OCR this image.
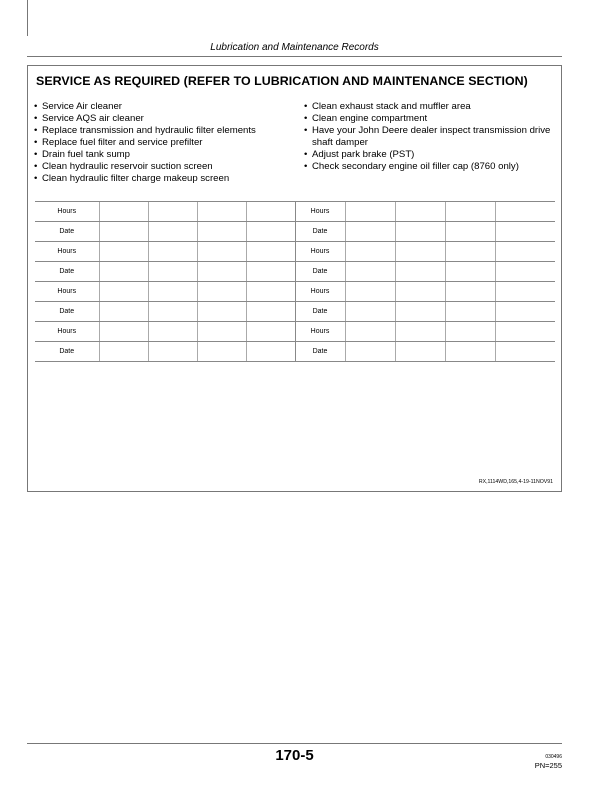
Lubrication and Maintenance Records
SERVICE AS REQUIRED (REFER TO LUBRICATION AND MAINTENANCE SECTION)
• Service Air cleaner
• Service AQS air cleaner
• Replace transmission and hydraulic filter elements
• Replace fuel filter and service prefilter
• Drain fuel tank sump
• Clean hydraulic reservoir suction screen
• Clean hydraulic filter charge makeup screen
• Clean exhaust stack and muffler area
• Clean engine compartment
• Have your John Deere dealer inspect transmission drive shaft damper
• Adjust park brake (PST)
• Check secondary engine oil filler cap (8760 only)
Hours					Hours				
Date					Date				
Hours					Hours				
Date					Date				
Hours					Hours				
Date					Date				
Hours					Hours				
Date					Date				
RX,1114WD,165,4-19-11NOV91
170-5	030496
PN=255
